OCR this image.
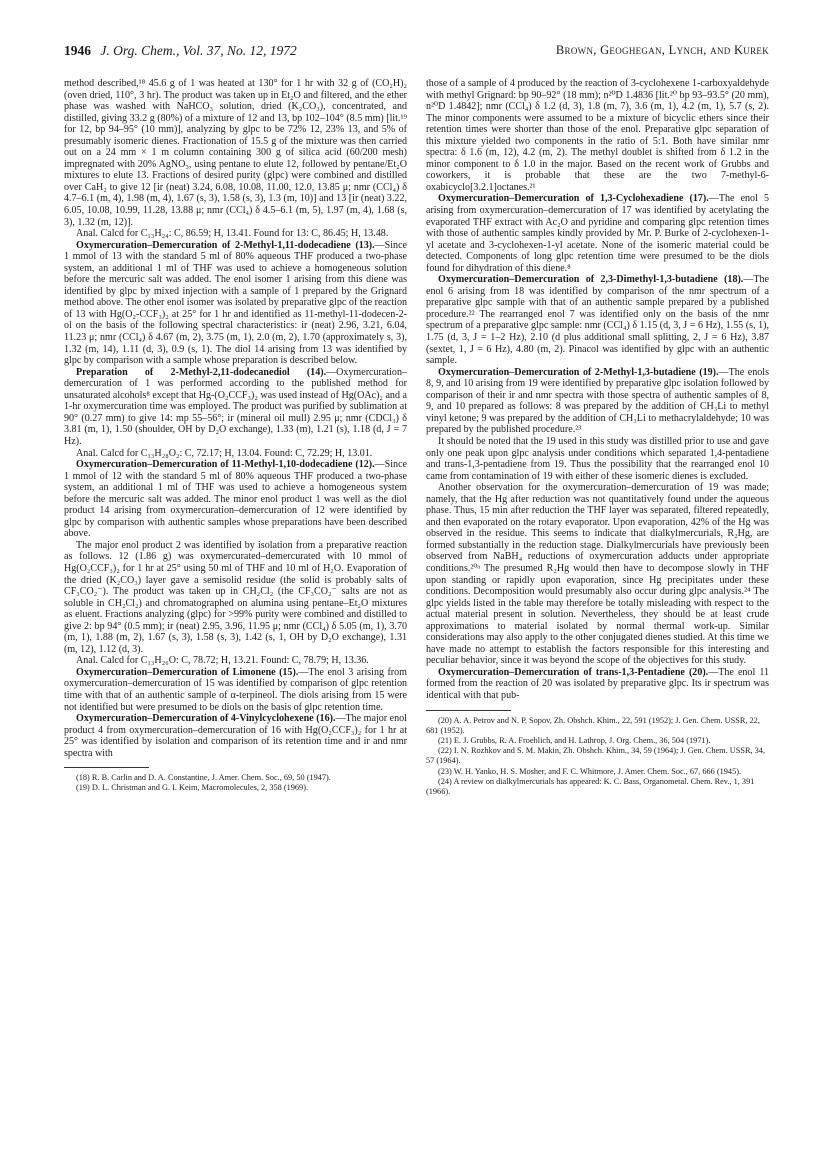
1946 J. Org. Chem., Vol. 37, No. 12, 1972	Brown, Geoghegan, Lynch, and Kurek

method described,¹⁸ 45.6 g of 1 was heated at 130° for 1 hr with 32 g of (CO₂H)₂ (oven dried, 110°, 3 hr). The product was taken up in Et₂O and filtered, and the ether phase was washed with NaHCO₃ solution, dried (K₂CO₃), concentrated, and distilled, giving 33.2 g (80%) of a mixture of 12 and 13, bp 102–104° (8.5 mm) [lit.¹⁹ for 12, bp 94–95° (10 mm)], analyzing by glpc to be 72% 12, 23% 13, and 5% of presumably isomeric dienes. Fractionation of 15.5 g of the mixture was then carried out on a 24 mm × 1 m column containing 300 g of silica acid (60/200 mesh) impregnated with 20% AgNO₃, using pentane to elute 12, followed by pentane/Et₂O mixtures to elute 13. Fractions of desired purity (glpc) were combined and distilled over CaH₂ to give 12 [ir (neat) 3.24, 6.08, 10.08, 11.00, 12.0, 13.85 μ; nmr (CCl₄) δ 4.7–6.1 (m, 4), 1.98 (m, 4), 1.67 (s, 3), 1.58 (s, 3), 1.3 (m, 10)] and 13 [ir (neat) 3.22, 6.05, 10.08, 10.99, 11.28, 13.88 μ; nmr (CCl₄) δ 4.5–6.1 (m, 5), 1.97 (m, 4), 1.68 (s, 3), 1.32 (m, 12)].

Anal. Calcd for C₁₃H₂₄: C, 86.59; H, 13.41. Found for 13: C, 86.45; H, 13.48.

Oxymercuration–Demercuration of 2-Methyl-1,11-dodecadiene (13).—Since 1 mmol of 13 with the standard 5 ml of 80% aqueous THF produced a two-phase system, an additional 1 ml of THF was used to achieve a homogeneous solution before the mercuric salt was added. The enol isomer 1 arising from this diene was identified by glpc by mixed injection with a sample of 1 prepared by the Grignard method above. The other enol isomer was isolated by preparative glpc of the reaction of 13 with Hg(O₂-CCF₃)₂ at 25° for 1 hr and identified as 11-methyl-11-dodecen-2-ol on the basis of the following spectral characteristics: ir (neat) 2.96, 3.21, 6.04, 11.23 μ; nmr (CCl₄) δ 4.67 (m, 2), 3.75 (m, 1), 2.0 (m, 2), 1.70 (approximately s, 3), 1.32 (m, 14), 1.11 (d, 3), 0.9 (s, 1). The diol 14 arising from 13 was identified by glpc by comparison with a sample whose preparation is described below.

Preparation of 2-Methyl-2,11-dodecanediol (14).—Oxymercuration–demercuration of 1 was performed according to the published method for unsaturated alcohols⁸ except that Hg-(O₂CCF₃)₂ was used instead of Hg(OAc)₂ and a 1-hr oxymercuration time was employed. The product was purified by sublimation at 90° (0.27 mm) to give 14: mp 55–56°; ir (mineral oil mull) 2.95 μ; nmr (CDCl₃) δ 3.81 (m, 1), 1.50 (shoulder, OH by D₂O exchange), 1.33 (m), 1.21 (s), 1.18 (d, J = 7 Hz).

Anal. Calcd for C₁₃H₂₈O₂: C, 72.17; H, 13.04. Found: C, 72.29; H, 13.01.

Oxymercuration–Demercuration of 11-Methyl-1,10-dodecadiene (12).—Since 1 mmol of 12 with the standard 5 ml of 80% aqueous THF produced a two-phase system, an additional 1 ml of THF was used to achieve a homogeneous system before the mercuric salt was added. The minor enol product 1 was well as the diol product 14 arising from oxymercuration–demercuration of 12 were identified by glpc by comparison with authentic samples whose preparations have been described above.

The major enol product 2 was identified by isolation from a preparative reaction as follows. 12 (1.86 g) was oxymercurated–demercurated with 10 mmol of Hg(O₂CCF₃)₂ for 1 hr at 25° using 50 ml of THF and 10 ml of H₂O. Evaporation of the dried (K₂CO₃) layer gave a semisolid residue (the solid is probably salts of CF₃CO₂⁻). The product was taken up in CH₂Cl₂ (the CF₃CO₂⁻ salts are not as soluble in CH₂Cl₂) and chromatographed on alumina using pentane–Et₂O mixtures as eluent. Fractions analyzing (glpc) for >99% purity were combined and distilled to give 2: bp 94° (0.5 mm); ir (neat) 2.95, 3.96, 11.95 μ; nmr (CCl₄) δ 5.05 (m, 1), 3.70 (m, 1), 1.88 (m, 2), 1.67 (s, 3), 1.58 (s, 3), 1.42 (s, 1, OH by D₂O exchange), 1.31 (m, 12), 1.12 (d, 3).

Anal. Calcd for C₁₃H₂₆O: C, 78.72; H, 13.21. Found: C, 78.79; H, 13.36.

Oxymercuration–Demercuration of Limonene (15).—The enol 3 arising from oxymercuration–demercuration of 15 was identified by comparison of glpc retention time with that of an authentic sample of α-terpineol. The diols arising from 15 were not identified but were presumed to be diols on the basis of glpc retention time.

Oxymercuration–Demercuration of 4-Vinylcyclohexene (16).—The major enol product 4 from oxymercuration–demercuration of 16 with Hg(O₂CCF₃)₂ for 1 hr at 25° was identified by isolation and comparison of its retention time and ir and nmr spectra with

(18) R. B. Carlin and D. A. Constantine, J. Amer. Chem. Soc., 69, 50 (1947).

(19) D. L. Christman and G. I. Keim, Macromolecules, 2, 358 (1969).

those of a sample of 4 produced by the reaction of 3-cyclohexene 1-carboxyaldehyde with methyl Grignard: bp 90–92° (18 mm); n²⁰D 1.4836 [lit.²⁰ bp 93–93.5° (20 mm), n²⁰D 1.4842]; nmr (CCl₄) δ 1.2 (d, 3), 1.8 (m, 7), 3.6 (m, 1), 4.2 (m, 1), 5.7 (s, 2). The minor components were assumed to be a mixture of bicyclic ethers since their retention times were shorter than those of the enol. Preparative glpc separation of this mixture yielded two components in the ratio of 5:1. Both have similar nmr spectra: δ 1.6 (m, 12), 4.2 (m, 2). The methyl doublet is shifted from δ 1.2 in the minor component to δ 1.0 in the major. Based on the recent work of Grubbs and coworkers, it is probable that these are the two 7-methyl-6-oxabicyclo[3.2.1]octanes.²¹

Oxymercuration–Demercuration of 1,3-Cyclohexadiene (17).—The enol 5 arising from oxymercuration–demercuration of 17 was identified by acetylating the evaporated THF extract with Ac₂O and pyridine and comparing glpc retention times with those of authentic samples kindly provided by Mr. P. Burke of 2-cyclohexen-1-yl acetate and 3-cyclohexen-1-yl acetate. None of the isomeric material could be detected. Components of long glpc retention time were presumed to be the diols found for dihydration of this diene.⁸

Oxymercuration–Demercuration of 2,3-Dimethyl-1,3-butadiene (18).—The enol 6 arising from 18 was identified by comparison of the nmr spectrum of a preparative glpc sample with that of an authentic sample prepared by a published procedure.²² The rearranged enol 7 was identified only on the basis of the nmr spectrum of a preparative glpc sample: nmr (CCl₄) δ 1.15 (d, 3, J = 6 Hz), 1.55 (s, 1), 1.75 (d, 3, J = 1–2 Hz), 2.10 (d plus additional small splitting, 2, J = 6 Hz), 3.87 (sextet, 1, J = 6 Hz), 4.80 (m, 2). Pinacol was identified by glpc with an authentic sample.

Oxymercuration–Demercuration of 2-Methyl-1,3-butadiene (19).—The enols 8, 9, and 10 arising from 19 were identified by preparative glpc isolation followed by comparison of their ir and nmr spectra with those spectra of authentic samples of 8, 9, and 10 prepared as follows: 8 was prepared by the addition of CH₃Li to methyl vinyl ketone; 9 was prepared by the addition of CH₃Li to methacrylaldehyde; 10 was prepared by the published procedure.²³

It should be noted that the 19 used in this study was distilled prior to use and gave only one peak upon glpc analysis under conditions which separated 1,4-pentadiene and trans-1,3-pentadiene from 19. Thus the possibility that the rearranged enol 10 came from contamination of 19 with either of these isomeric dienes is excluded.

Another observation for the oxymercuration–demercuration of 19 was made; namely, that the Hg after reduction was not quantitatively found under the aqueous phase. Thus, 15 min after reduction the THF layer was separated, filtered repeatedly, and then evaporated on the rotary evaporator. Upon evaporation, 42% of the Hg was observed in the residue. This seems to indicate that dialkylmercurials, R₂Hg, are formed substantially in the reduction stage. Dialkylmercurials have previously been observed from NaBH₄ reductions of oxymercuration adducts under appropriate conditions.²⁰ᵃ The presumed R₂Hg would then have to decompose slowly in THF upon standing or rapidly upon evaporation, since Hg precipitates under these conditions. Decomposition would presumably also occur during glpc analysis.²⁴ The glpc yields listed in the table may therefore be totally misleading with respect to the actual material present in solution. Nevertheless, they should be at least crude approximations to material isolated by normal thermal work-up. Similar considerations may also apply to the other conjugated dienes studied. At this time we have made no attempt to establish the factors responsible for this interesting and peculiar behavior, since it was beyond the scope of the objectives for this study.

Oxymercuration–Demercuration of trans-1,3-Pentadiene (20).—The enol 11 formed from the reaction of 20 was isolated by preparative glpc. Its ir spectrum was identical with that pub-

(20) A. A. Petrov and N. P. Sopov, Zh. Obshch. Khim., 22, 591 (1952); J. Gen. Chem. USSR, 22, 681 (1952).

(21) E. J. Grubbs, R. A. Froehlich, and H. Lathrop, J. Org. Chem., 36, 504 (1971).

(22) I. N. Rozhkov and S. M. Makin, Zh. Obshch. Khim., 34, 59 (1964); J. Gen. Chem. USSR, 34, 57 (1964).

(23) W. H. Yanko, H. S. Mosher, and F. C. Whitmore, J. Amer. Chem. Soc., 67, 666 (1945).

(24) A review on dialkylmercurials has appeared: K. C. Bass, Organometal. Chem. Rev., 1, 391 (1966).
